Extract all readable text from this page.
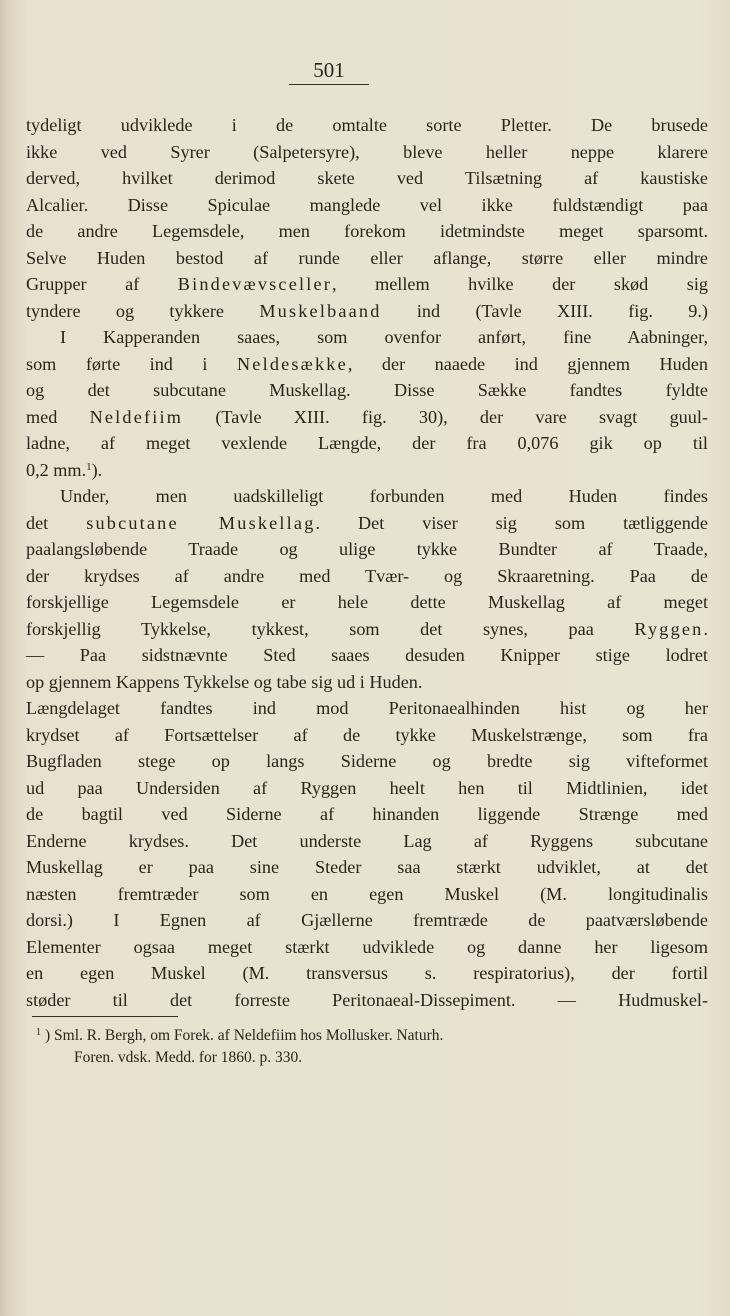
501
tydeligt udviklede i de omtalte sorte Pletter. De brusede
ikke ved Syrer (Salpetersyre), bleve heller neppe klarere
derved, hvilket derimod skete ved Tilsætning af kaustiske
Alcalier. Disse Spiculae manglede vel ikke fuldstændigt paa
de andre Legemsdele, men forekom idetmindste meget sparsomt.
Selve Huden bestod af runde eller aflange, større eller mindre
Grupper af Bindevævsceller, mellem hvilke der skød sig
tyndere og tykkere Muskelbaand ind (Tavle XIII. fig. 9.)
I Kapperanden saaes, som ovenfor anført, fine Aabninger,
som førte ind i Neldesække, der naaede ind gjennem Huden
og det subcutane Muskellag. Disse Sække fandtes fyldte
med Neldefiim (Tavle XIII. fig. 30), der vare svagt guul-
ladne, af meget vexlende Længde, der fra 0,076 gik op til
0,2 mm.$^1$).
Under, men uadskilleligt forbunden med Huden findes
det subcutane Muskellag. Det viser sig som tætliggende
paalangsløbende Traade og ulige tykke Bundter af Traade,
der krydses af andre med Tvær- og Skraaretning. Paa de
forskjellige Legemsdele er hele dette Muskellag af meget
forskjellig Tykkelse, tykkest, som det synes, paa Ryggen.
— Paa sidstnævnte Sted saaes desuden Knipper stige lodret
op gjennem Kappens Tykkelse og tabe sig ud i Huden.
Længdelaget fandtes ind mod Peritonaealhinden hist og her
krydset af Fortsættelser af de tykke Muskelstrænge, som fra
Bugfladen stege op langs Siderne og bredte sig vifteformet
ud paa Undersiden af Ryggen heelt hen til Midtlinien, idet
de bagtil ved Siderne af hinanden liggende Strænge med
Enderne krydses. Det underste Lag af Ryggens subcutane
Muskellag er paa sine Steder saa stærkt udviklet, at det
næsten fremtræder som en egen Muskel (M. longitudinalis
dorsi.) I Egnen af Gjællerne fremtræde de paatværsløbende
Elementer ogsaa meget stærkt udviklede og danne her ligesom
en egen Muskel (M. transversus s. respiratorius), der fortil
støder til det forreste Peritonaeal-Dissepiment. — Hudmuskel-
$^1$ ) Sml. R. Bergh, om Forek. af Neldefiim hos Mollusker. Naturh.
Foren. vdsk. Medd. for 1860. p. 330.
